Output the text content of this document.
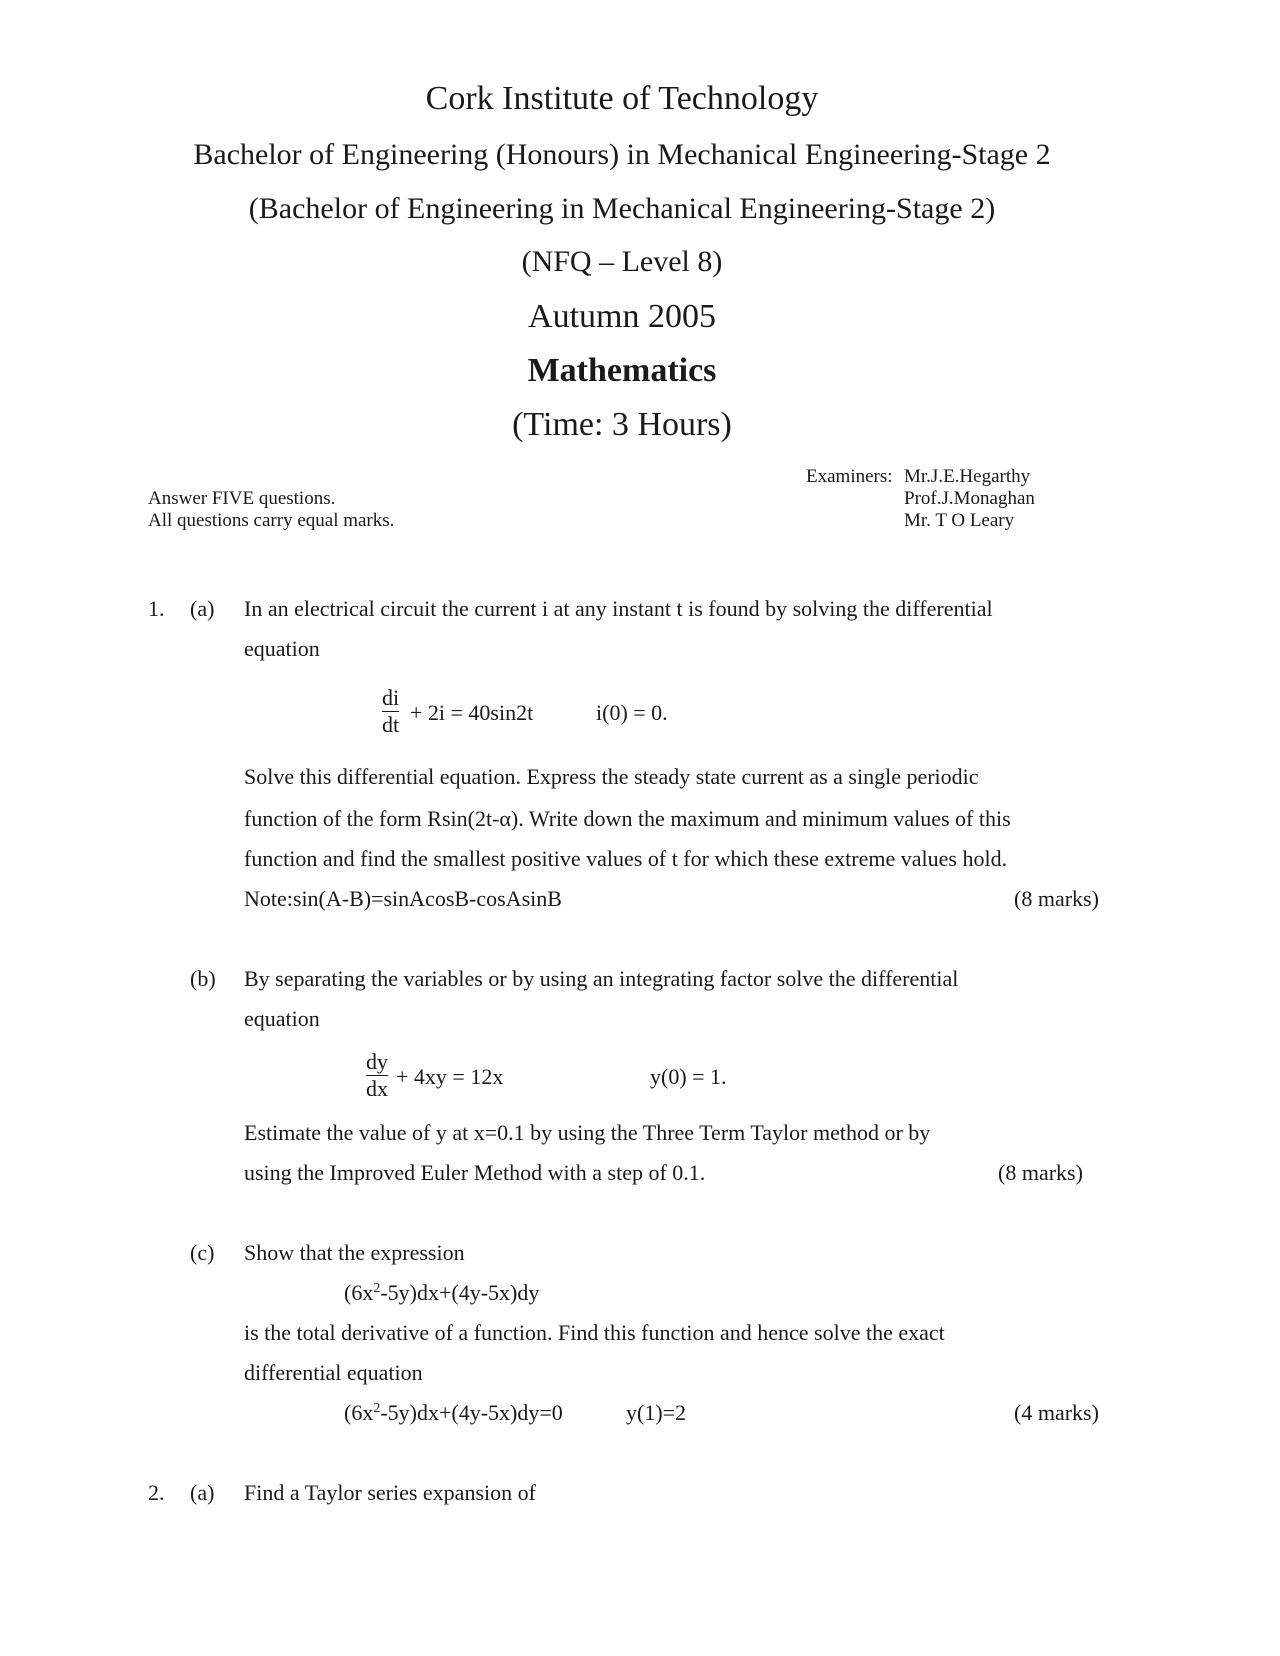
Cork Institute of Technology
Bachelor of Engineering (Honours) in Mechanical Engineering-Stage 2
(Bachelor of Engineering in Mechanical Engineering-Stage 2)
(NFQ – Level 8)
Autumn 2005
Mathematics
(Time: 3 Hours)
Answer FIVE questions.
All questions carry equal marks.
Examiners: Mr.J.E.Hegarthy
Prof.J.Monaghan
Mr. T O Leary
1. (a) In an electrical circuit the current i at any instant t is found by solving the differential
equation
di
dt + 2i = 40sin2t	i(0) = 0.
Solve this differential equation. Express the steady state current as a single periodic
function of the form Rsin(2t-α). Write down the maximum and minimum values of this
function and find the smallest positive values of t for which these extreme values hold.
Note:sin(A-B)=sinAcosB-cosAsinB	(8 marks)
(b) By separating the variables or by using an integrating factor solve the differential
equation
dy
dx + 4xy = 12x	y(0) = 1.
Estimate the value of y at x=0.1 by using the Three Term Taylor method or by
using the Improved Euler Method with a step of 0.1.	(8 marks)
(c) Show that the expression
$(6x^2-5y)dx+(4y-5x)dy$
is the total derivative of a function. Find this function and hence solve the exact
differential equation
$(6x^2-5y)dx+(4y-5x)dy=0$	y(1)=2	(4 marks)
2. (a) Find a Taylor series expansion of
